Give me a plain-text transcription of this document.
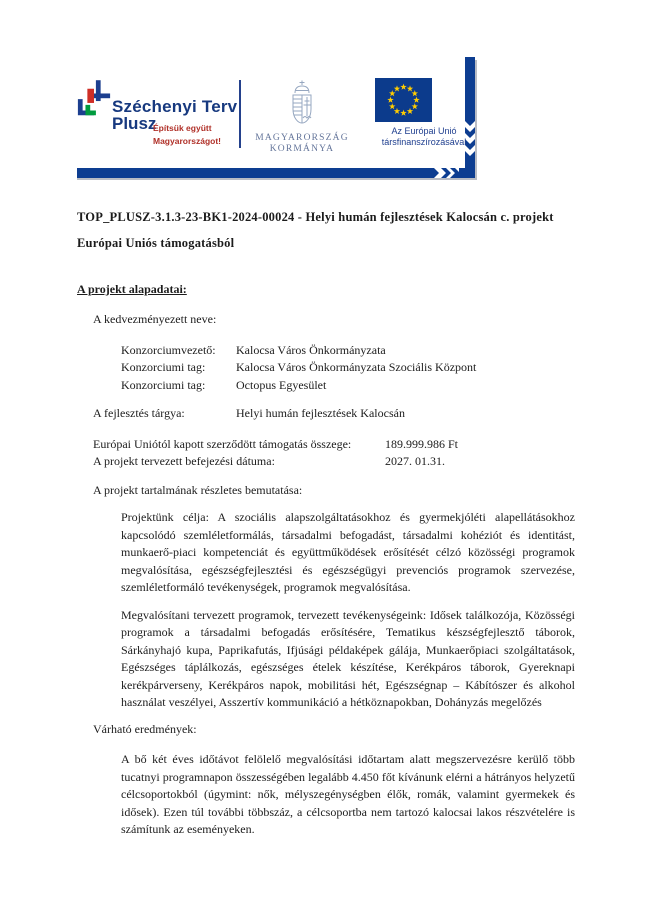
Széchenyi Terv
Plusz
Építsük együtt
Magyarországot!	MAGYARORSZÁG
KORMÁNYA
Az Európai Unió
társfinanszírozásával
TOP_PLUSZ-3.1.3-23-BK1-2024-00024 - Helyi humán fejlesztések Kalocsán c. projekt
Európai Uniós támogatásból
A projekt alapadatai:
A kedvezményezett neve:
Konzorciumvezető:	Kalocsa Város Önkormányzata
Konzorciumi tag:	Kalocsa Város Önkormányzata Szociális Központ
Konzorciumi tag:	Octopus Egyesület
A fejlesztés tárgya:	Helyi humán fejlesztések Kalocsán
Európai Uniótól kapott szerződött támogatás összege:	189.999.986 Ft
A projekt tervezett befejezési dátuma:	2027. 01.31.
A projekt tartalmának részletes bemutatása:

Projektünk célja: A szociális alapszolgáltatásokhoz és gyermekjóléti alapellátásokhoz kapcsolódó szemléletformálás, társadalmi befogadást, társadalmi kohéziót és identitást, munkaerő-piaci kompetenciát és együttműködések erősítését célzó közösségi programok megvalósítása, egészségfejlesztési és egészségügyi prevenciós programok szervezése, szemléletformáló tevékenységek, programok megvalósítása.

Megvalósítani tervezett programok, tervezett tevékenységeink: Idősek találkozója, Közösségi programok a társadalmi befogadás erősítésére, Tematikus készségfejlesztő táborok, Sárkányhajó kupa, Paprikafutás, Ifjúsági példaképek gálája, Munkaerőpiaci szolgáltatások, Egészséges táplálkozás, egészséges ételek készítése, Kerékpáros táborok, Gyereknapi kerékpárverseny, Kerékpáros napok, mobilitási hét, Egészségnap – Kábítószer és alkohol használat veszélyei, Asszertív kommunikáció a hétköznapokban, Dohányzás megelőzés

Várható eredmények:

A bő két éves időtávot felölelő megvalósítási időtartam alatt megszervezésre kerülő több tucatnyi programnapon összességében legalább 4.450 főt kívánunk elérni a hátrányos helyzetű célcsoportokból (úgymint: nők, mélyszegénységben élők, romák, valamint gyermekek és idősek). Ezen túl további többszáz, a célcsoportba nem tartozó kalocsai lakos részvételére is számítunk az eseményeken.
